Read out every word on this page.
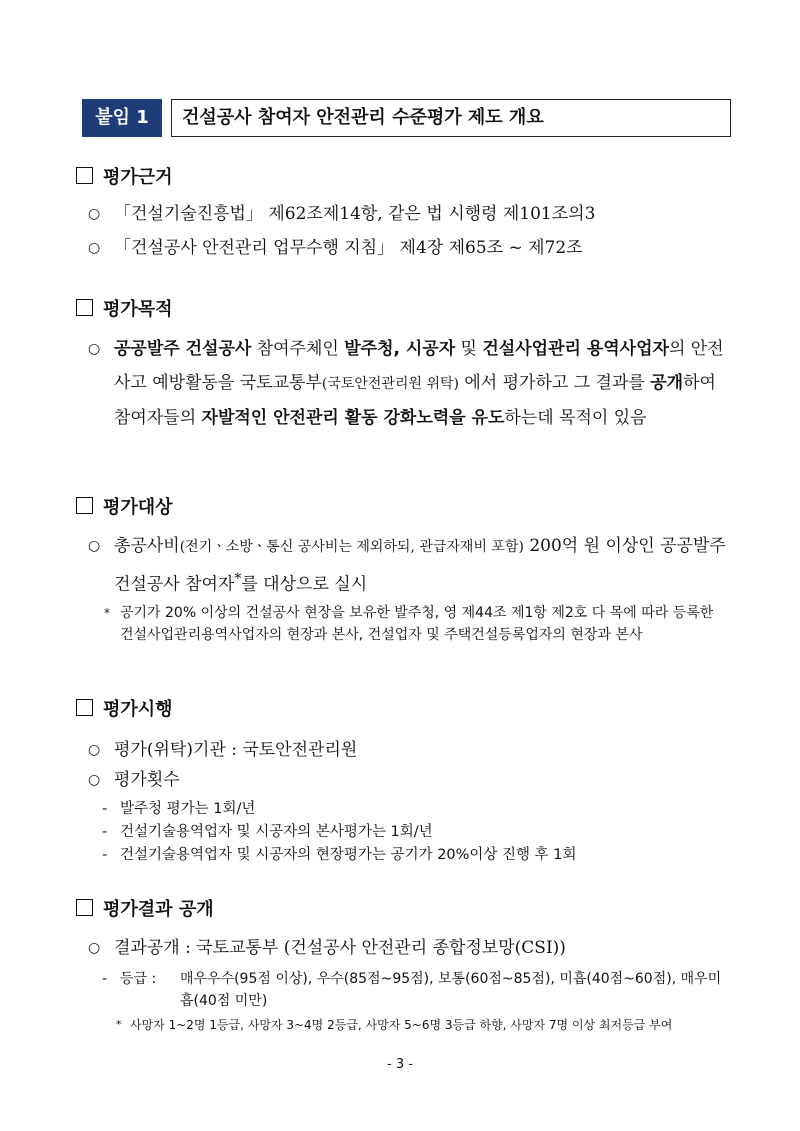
붙임 1	건설공사 참여자 안전관리 수준평가 제도 개요
평가근거
○ 「건설기술진흥법」 제62조제14항, 같은 법 시행령 제101조의3
○ 「건설공사 안전관리 업무수행 지침」 제4장 제65조 ~ 제72조
평가목적
○ 공공발주 건설공사 참여주체인 발주청, 시공자 및 건설사업관리 용역사업자의 안전사고 예방활동을 국토교통부(국토안전관리원 위탁) 에서 평가하고 그 결과를 공개하여 참여자들의 자발적인 안전관리 활동 강화노력을 유도하는데 목적이 있음
평가대상
○ 총공사비(전기ㆍ소방ㆍ통신 공사비는 제외하되, 관급자재비 포함) 200억 원 이상인 공공발주 건설공사 참여자*를 대상으로 실시
* 공기가 20% 이상의 건설공사 현장을 보유한 발주청, 영 제44조 제1항 제2호 다 목에 따라 등록한 건설사업관리용역사업자의 현장과 본사, 건설업자 및 주택건설등록업자의 현장과 본사
평가시행
○ 평가(위탁)기관 : 국토안전관리원
○ 평가횟수
- 발주청 평가는 1회/년
- 건설기술용역업자 및 시공자의 본사평가는 1회/년
- 건설기술용역업자 및 시공자의 현장평가는 공기가 20%이상 진행 후 1회
평가결과 공개
○ 결과공개 : 국토교통부 (건설공사 안전관리 종합정보망(CSI))
- 등급 : 매우우수(95점 이상), 우수(85점~95점), 보통(60점~85점), 미흡(40점~60점), 매우미흡(40점 미만)
* 사망자 1~2명 1등급, 사망자 3~4명 2등급, 사망자 5~6명 3등급 하향, 사망자 7명 이상 최저등급 부여
- 3 -
